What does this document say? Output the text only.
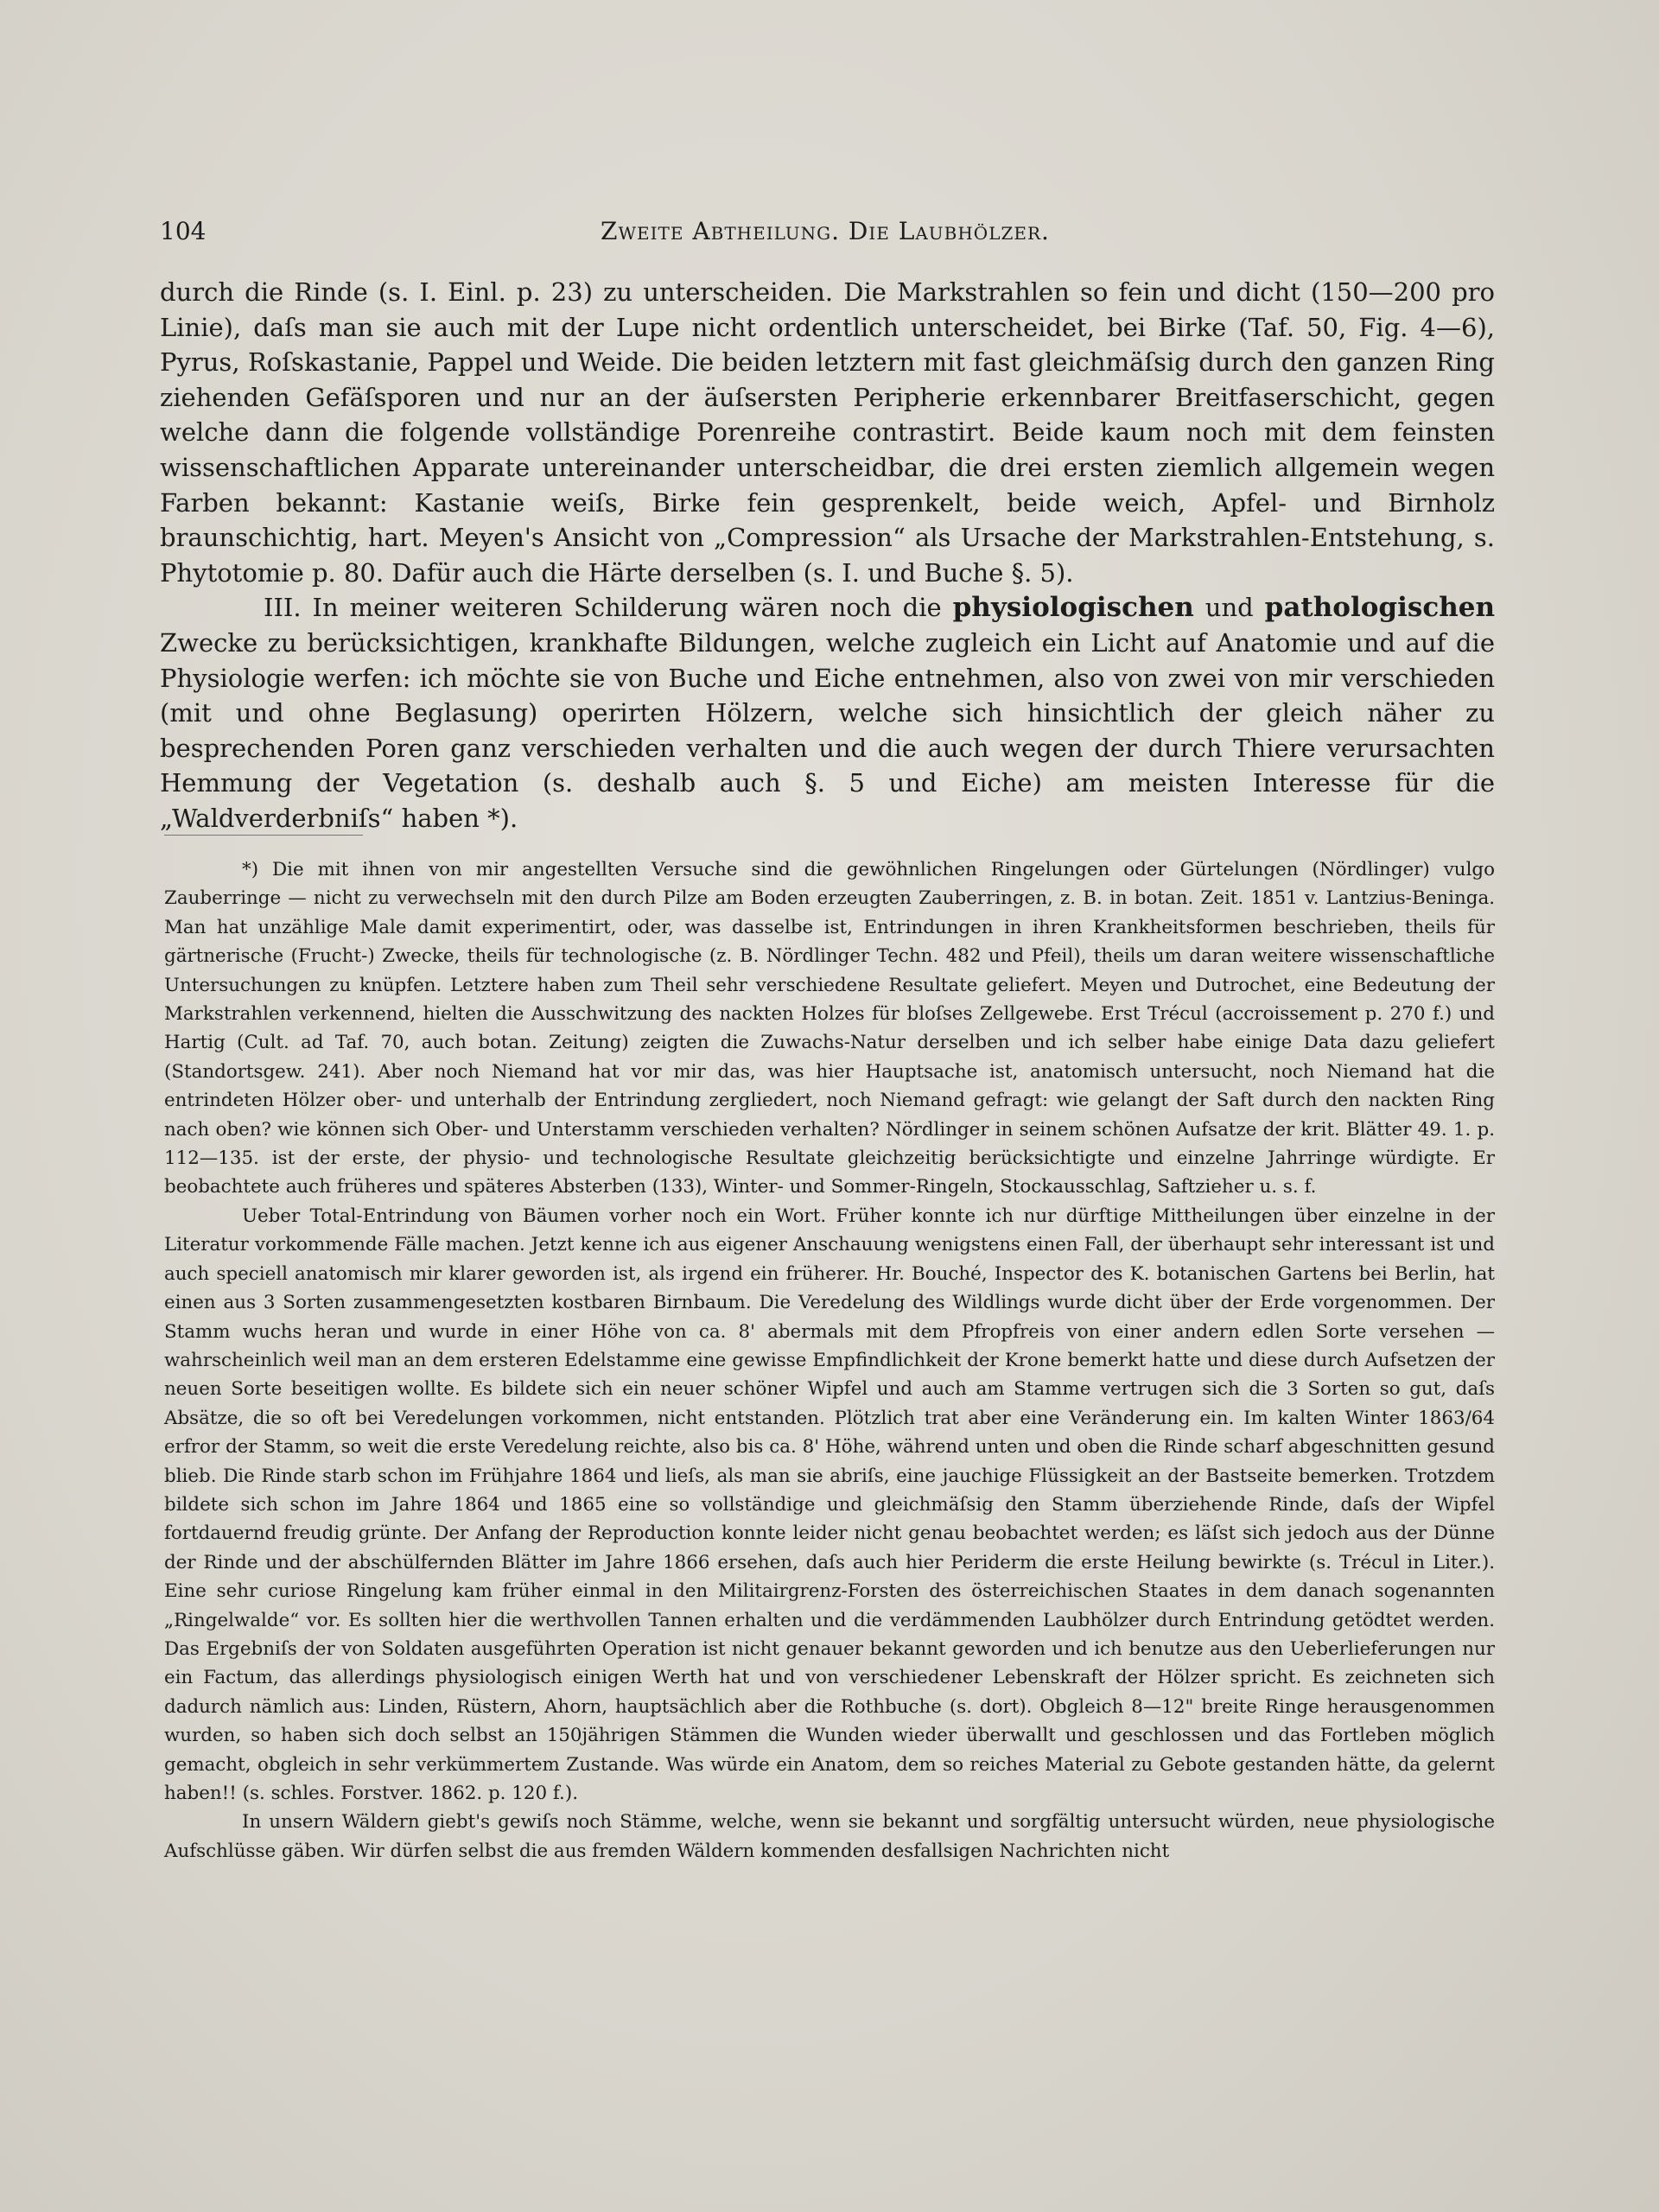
104	Zweite Abtheilung. Die Laubhölzer.

durch die Rinde (s. I. Einl. p. 23) zu unterscheiden. Die Markstrahlen so fein und dicht (150—200 pro Linie), daſs man sie auch mit der Lupe nicht ordentlich unterscheidet, bei Birke (Taf. 50, Fig. 4—6), Pyrus, Roſskastanie, Pappel und Weide. Die beiden letztern mit fast gleichmäſsig durch den ganzen Ring ziehenden Gefäſsporen und nur an der äuſsersten Peripherie erkennbarer Breitfaserschicht, gegen welche dann die folgende vollständige Porenreihe contrastirt. Beide kaum noch mit dem feinsten wissenschaftlichen Apparate untereinander unterscheidbar, die drei ersten ziemlich allgemein wegen Farben bekannt: Kastanie weiſs, Birke fein gesprenkelt, beide weich, Apfel- und Birnholz braunschichtig, hart. Meyen's Ansicht von „Compression“ als Ursache der Markstrahlen-Entstehung, s. Phytotomie p. 80. Dafür auch die Härte derselben (s. I. und Buche §. 5).

III. In meiner weiteren Schilderung wären noch die physiologischen und pathologischen Zwecke zu berücksichtigen, krankhafte Bildungen, welche zugleich ein Licht auf Anatomie und auf die Physiologie werfen: ich möchte sie von Buche und Eiche entnehmen, also von zwei von mir verschieden (mit und ohne Beglasung) operirten Hölzern, welche sich hinsichtlich der gleich näher zu besprechenden Poren ganz verschieden verhalten und die auch wegen der durch Thiere verursachten Hemmung der Vegetation (s. deshalb auch §. 5 und Eiche) am meisten Interesse für die „Waldverderbniſs“ haben *).

*) Die mit ihnen von mir angestellten Versuche sind die gewöhnlichen Ringelungen oder Gürtelungen (Nördlinger) vulgo Zauberringe — nicht zu verwechseln mit den durch Pilze am Boden erzeugten Zauberringen, z. B. in botan. Zeit. 1851 v. Lantzius-Beninga. Man hat unzählige Male damit experimentirt, oder, was dasselbe ist, Entrindungen in ihren Krankheitsformen beschrieben, theils für gärtnerische (Frucht-) Zwecke, theils für technologische (z. B. Nördlinger Techn. 482 und Pfeil), theils um daran weitere wissenschaftliche Untersuchungen zu knüpfen. Letztere haben zum Theil sehr verschiedene Resultate geliefert. Meyen und Dutrochet, eine Bedeutung der Markstrahlen verkennend, hielten die Ausschwitzung des nackten Holzes für bloſses Zellgewebe. Erst Trécul (accroissement p. 270 f.) und Hartig (Cult. ad Taf. 70, auch botan. Zeitung) zeigten die Zuwachs-Natur derselben und ich selber habe einige Data dazu geliefert (Standortsgew. 241). Aber noch Niemand hat vor mir das, was hier Hauptsache ist, anatomisch untersucht, noch Niemand hat die entrindeten Hölzer ober- und unterhalb der Entrindung zergliedert, noch Niemand gefragt: wie gelangt der Saft durch den nackten Ring nach oben? wie können sich Ober- und Unterstamm verschieden verhalten? Nördlinger in seinem schönen Aufsatze der krit. Blätter 49. 1. p. 112—135. ist der erste, der physio- und technologische Resultate gleichzeitig berücksichtigte und einzelne Jahrringe würdigte. Er beobachtete auch früheres und späteres Absterben (133), Winter- und Sommer-Ringeln, Stockausschlag, Saftzieher u. s. f.

Ueber Total-Entrindung von Bäumen vorher noch ein Wort. Früher konnte ich nur dürftige Mittheilungen über einzelne in der Literatur vorkommende Fälle machen. Jetzt kenne ich aus eigener Anschauung wenigstens einen Fall, der überhaupt sehr interessant ist und auch speciell anatomisch mir klarer geworden ist, als irgend ein früherer. Hr. Bouché, Inspector des K. botanischen Gartens bei Berlin, hat einen aus 3 Sorten zusammengesetzten kostbaren Birnbaum. Die Veredelung des Wildlings wurde dicht über der Erde vorgenommen. Der Stamm wuchs heran und wurde in einer Höhe von ca. 8' abermals mit dem Pfropfreis von einer andern edlen Sorte versehen — wahrscheinlich weil man an dem ersteren Edelstamme eine gewisse Empfindlichkeit der Krone bemerkt hatte und diese durch Aufsetzen der neuen Sorte beseitigen wollte. Es bildete sich ein neuer schöner Wipfel und auch am Stamme vertrugen sich die 3 Sorten so gut, daſs Absätze, die so oft bei Veredelungen vorkommen, nicht entstanden. Plötzlich trat aber eine Veränderung ein. Im kalten Winter 1863/64 erfror der Stamm, so weit die erste Veredelung reichte, also bis ca. 8' Höhe, während unten und oben die Rinde scharf abgeschnitten gesund blieb. Die Rinde starb schon im Frühjahre 1864 und lieſs, als man sie abriſs, eine jauchige Flüssigkeit an der Bastseite bemerken. Trotzdem bildete sich schon im Jahre 1864 und 1865 eine so vollständige und gleichmäſsig den Stamm überziehende Rinde, daſs der Wipfel fortdauernd freudig grünte. Der Anfang der Reproduction konnte leider nicht genau beobachtet werden; es läſst sich jedoch aus der Dünne der Rinde und der abschülfernden Blätter im Jahre 1866 ersehen, daſs auch hier Periderm die erste Heilung bewirkte (s. Trécul in Liter.). Eine sehr curiose Ringelung kam früher einmal in den Militairgrenz-Forsten des österreichischen Staates in dem danach sogenannten „Ringelwalde“ vor. Es sollten hier die werthvollen Tannen erhalten und die verdämmenden Laubhölzer durch Entrindung getödtet werden. Das Ergebniſs der von Soldaten ausgeführten Operation ist nicht genauer bekannt geworden und ich benutze aus den Ueberlieferungen nur ein Factum, das allerdings physiologisch einigen Werth hat und von verschiedener Lebenskraft der Hölzer spricht. Es zeichneten sich dadurch nämlich aus: Linden, Rüstern, Ahorn, hauptsächlich aber die Rothbuche (s. dort). Obgleich 8—12" breite Ringe herausgenommen wurden, so haben sich doch selbst an 150jährigen Stämmen die Wunden wieder überwallt und geschlossen und das Fortleben möglich gemacht, obgleich in sehr verkümmertem Zustande. Was würde ein Anatom, dem so reiches Material zu Gebote gestanden hätte, da gelernt haben!! (s. schles. Forstver. 1862. p. 120 f.).

In unsern Wäldern giebt's gewiſs noch Stämme, welche, wenn sie bekannt und sorgfältig untersucht würden, neue physiologische Aufschlüsse gäben. Wir dürfen selbst die aus fremden Wäldern kommenden desfallsigen Nachrichten nicht
